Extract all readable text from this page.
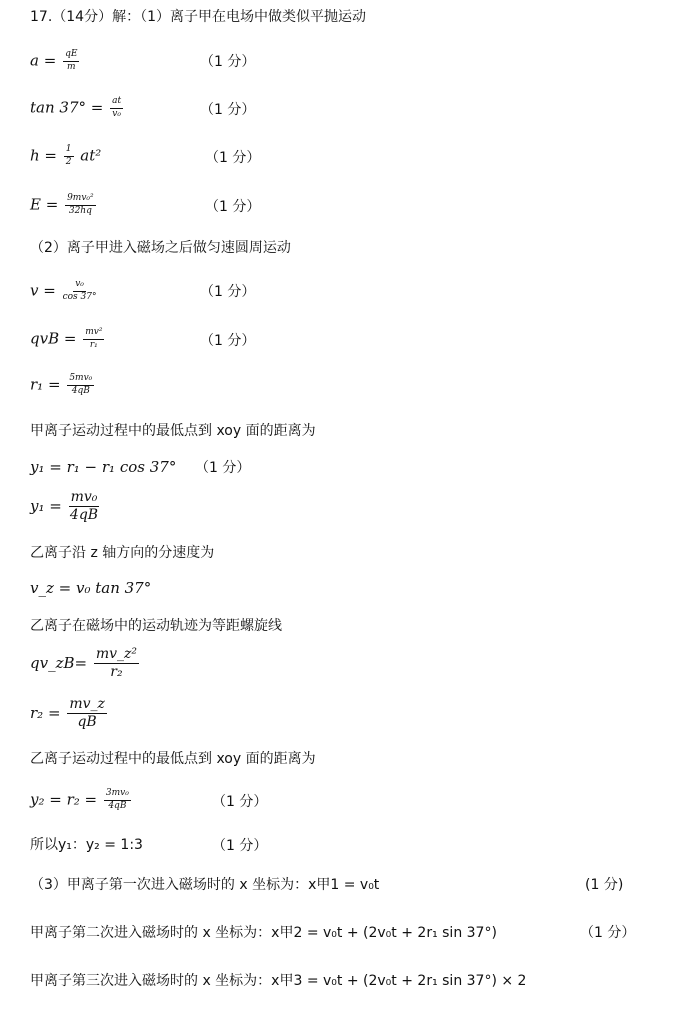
17.（14分）解：（1）离子甲在电场中做类似平抛运动
$a = \frac{qE}{m}$	（1 分）
$\tan 37^\circ = \frac{at}{\text{v₀}}$	（1 分）
$h = \frac{1}{2} at^2$	（1 分）
$E = \frac{\text{9mv₀²}}{32hq}$	（1 分）
（2）离子甲进入磁场之后做匀速圆周运动
$v = \frac{\text{v₀}}{\cos 37^\circ}$	（1 分）
qvB = $\frac{\text{mv²}}{\text{r₁}}$	（1 分）
$r_1 = \frac{\text{5mv₀}}{4qB}$
甲离子运动过程中的最低点到 xoy 面的距离为
y₁ = r₁ − r₁ cos 37° （1 分）
$y_1 = \frac{\text{mv₀}}{4qB}$
乙离子沿 z 轴方向的分速度为
v_z = v₀ tan 37°
乙离子在磁场中的运动轨迹为等距螺旋线
qv_zB= $\frac{\text{mv\_z²}}{\text{r₂}}$
$r_2 = \frac{mv\_z}{qB}$
乙离子运动过程中的最低点到 xoy 面的距离为
$y_2 = r_2 = \frac{\text{3mv₀}}{4qB}$	（1 分）
所以y₁：y₂ = 1:3	（1 分）
（3）甲离子第一次进入磁场时的 x 坐标为：x甲1 = v₀t	(1 分)
甲离子第二次进入磁场时的 x 坐标为：x甲2 = v₀t + (2v₀t + 2r₁ sin 37°)	（1 分）
甲离子第三次进入磁场时的 x 坐标为：x甲3 = v₀t + (2v₀t + 2r₁ sin 37°) × 2
